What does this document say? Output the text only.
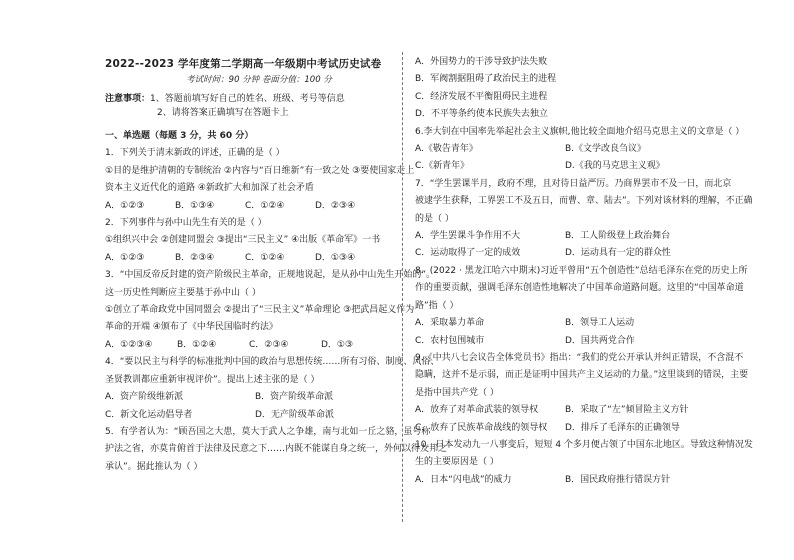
2022--2023 学年度第二学期高一年级期中考试历史试卷
考试时间：90 分钟 卷面分值：100 分
注意事项：1、答题前填写好自己的姓名、班级、考号等信息
2、请将答案正确填写在答题卡上
一、单选题（每题 3 分，共 60 分）
1．下列关于清末新政的评述，正确的是（ ）
①目的是维护清朝的专制统治 ②内容与“百日维新”有一致之处 ③要使国家走上
资本主义近代化的道路 ④新政扩大和加深了社会矛盾
A．①②③	B．①③④	C．①②④	D．②③④
2．下列事件与孙中山先生有关的是（ ）
①组织兴中会 ②创建同盟会 ③提出“三民主义” ④出版《革命军》一书
A．①②③	B．②③④	C．①②④	D．①③④
3．“中国反帝反封建的资产阶级民主革命，正规地说起，是从孙中山先生开始的”。
这一历史性判断应主要基于孙中山（ ）
①创立了革命政党中国同盟会 ②提出了“三民主义”革命理论 ③把武昌起义作为
革命的开端 ④颁布了《中华民国临时约法》
A．①②③④	B．①②④	C．②③④	D．①③
4．“要以民主与科学的标准批判中国的政治与思想传统……所有习俗、制度、风俗、
圣贤教训都应重新审视评价”。提出上述主张的是（ ）
A．资产阶级维新派	B．资产阶级革命派
C．新文化运动倡导者	D．无产阶级革命派
5．有学者认为：“顾吾国之大患，莫大于武人之争雄，南与北如一丘之貉，虽号称
护法之省，亦莫肯俯首于法律及民意之下……内既不能谋自身之统一，外何以得友邦之
承认”。据此推认为（ ）
A．外国势力的干涉导致护法失败
B．军阀割据阻碍了政治民主的进程
C．经济发展不平衡阻碍民主进程
D．不平等条约使本民族失去独立
6.李大钊在中国率先举起社会主义旗帜,他比较全面地介绍马克思主义的文章是（ ）
A.《敬告青年》	B.《文学改良刍议》
C.《新青年》	D.《我的马克思主义观》
7．“学生罢课半月，政府不理，且对待日益严厉。乃商界罢市不及一日，而北京
被逮学生获释，工界罢工不及五日，而曹、章、陆去”。下列对该材料的理解，不正确
的是（ ）
A．学生罢课斗争作用不大	B．工人阶级登上政治舞台
C．运动取得了一定的成效	D．运动具有一定的群众性
8．(2022 · 黑龙江哈六中期末)习近平曾用“五个创造性”总结毛泽东在党的历史上所
作的重要贡献，强调毛泽东创造性地解决了中国革命道路问题。这里的“中国革命道
路”指（ ）
A．采取暴力革命	B．领导工人运动
C．农村包围城市	D．国共两党合作
9.《中共八七会议告全体党员书》指出：“我们的党公开承认并纠正错误，不含混不
隐瞒，这并不是示弱，而正是证明中国共产主义运动的力量。”这里谈到的错误，主要
是指中国共产党（ ）
A．放弃了对革命武装的领导权	B．采取了“左”倾冒险主义方针
C．放弃了民族革命战线的领导权	D．排斥了毛泽东的正确领导
10．日本发动九一八事变后，短短 4 个多月便占领了中国东北地区。导致这种情况发
生的主要原因是（ ）
A．日本“闪电战”的威力	B．国民政府推行错误方针
